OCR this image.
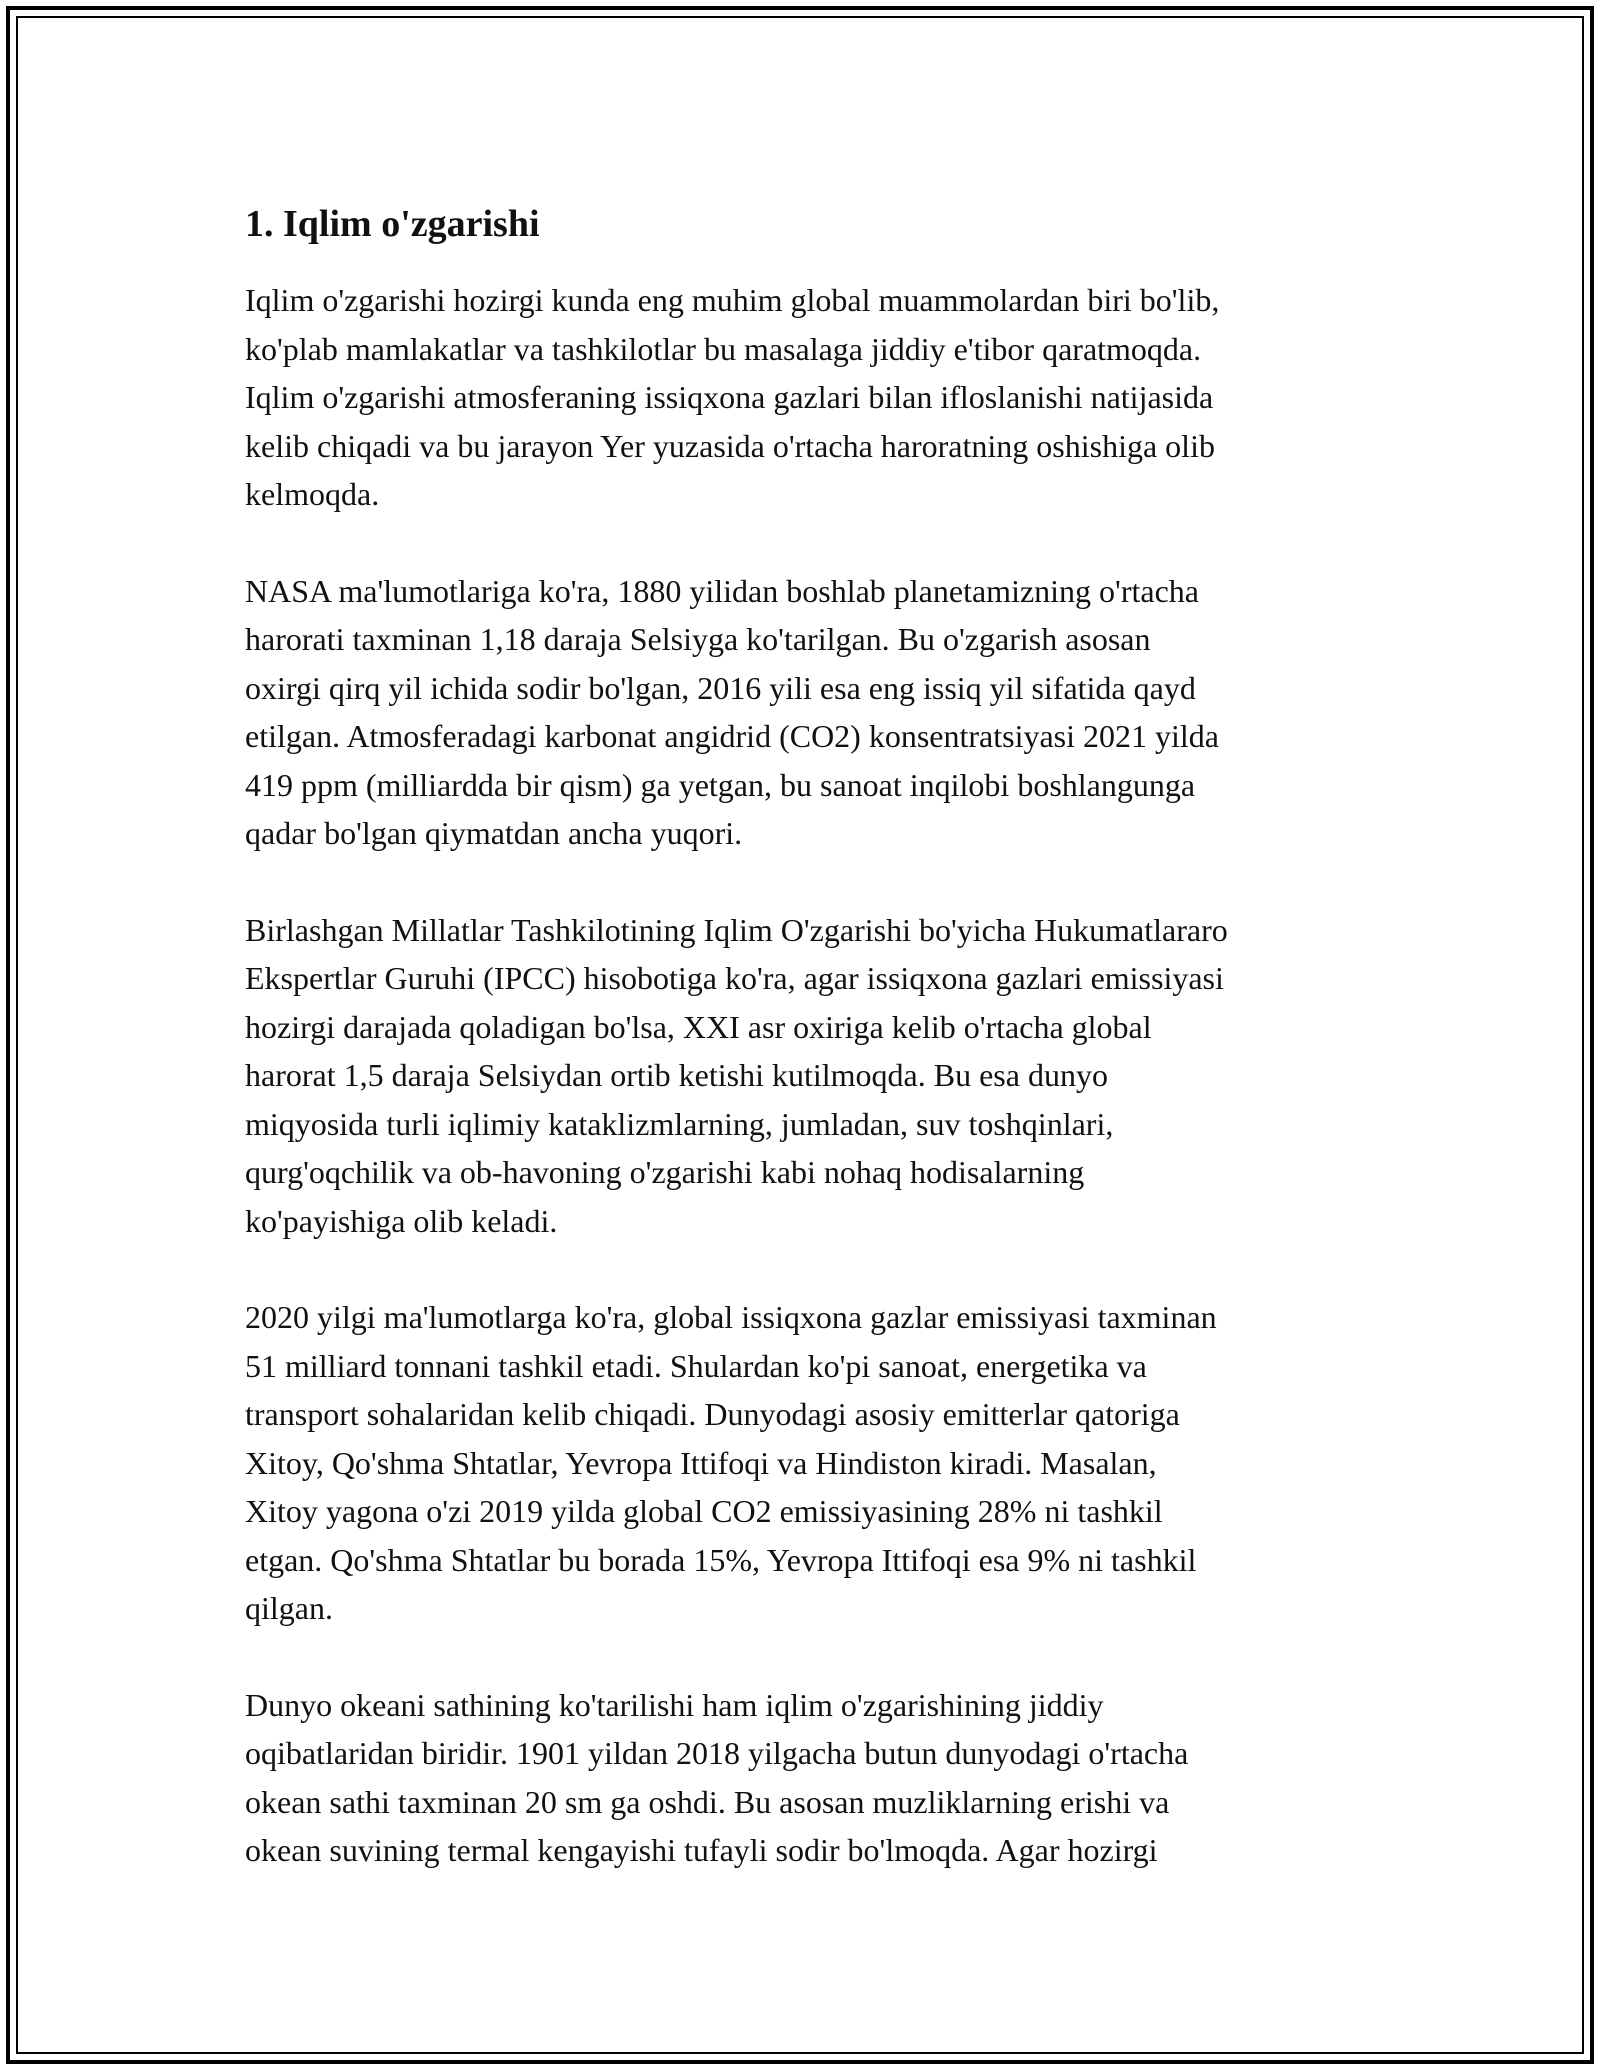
1. Iqlim o'zgarishi

Iqlim o'zgarishi hozirgi kunda eng muhim global muammolardan biri bo'lib,
ko'plab mamlakatlar va tashkilotlar bu masalaga jiddiy e'tibor qaratmoqda.
Iqlim o'zgarishi atmosferaning issiqxona gazlari bilan ifloslanishi natijasida
kelib chiqadi va bu jarayon Yer yuzasida o'rtacha haroratning oshishiga olib
kelmoqda.

NASA ma'lumotlariga ko'ra, 1880 yilidan boshlab planetamizning o'rtacha
harorati taxminan 1,18 daraja Selsiyga ko'tarilgan. Bu o'zgarish asosan
oxirgi qirq yil ichida sodir bo'lgan, 2016 yili esa eng issiq yil sifatida qayd
etilgan. Atmosferadagi karbonat angidrid (CO2) konsentratsiyasi 2021 yilda
419 ppm (milliardda bir qism) ga yetgan, bu sanoat inqilobi boshlangunga
qadar bo'lgan qiymatdan ancha yuqori.

Birlashgan Millatlar Tashkilotining Iqlim O'zgarishi bo'yicha Hukumatlararo
Ekspertlar Guruhi (IPCC) hisobotiga ko'ra, agar issiqxona gazlari emissiyasi
hozirgi darajada qoladigan bo'lsa, XXI asr oxiriga kelib o'rtacha global
harorat 1,5 daraja Selsiydan ortib ketishi kutilmoqda. Bu esa dunyo
miqyosida turli iqlimiy kataklizmlarning, jumladan, suv toshqinlari,
qurg'oqchilik va ob-havoning o'zgarishi kabi nohaq hodisalarning
ko'payishiga olib keladi.

2020 yilgi ma'lumotlarga ko'ra, global issiqxona gazlar emissiyasi taxminan
51 milliard tonnani tashkil etadi. Shulardan ko'pi sanoat, energetika va
transport sohalaridan kelib chiqadi. Dunyodagi asosiy emitterlar qatoriga
Xitoy, Qo'shma Shtatlar, Yevropa Ittifoqi va Hindiston kiradi. Masalan,
Xitoy yagona o'zi 2019 yilda global CO2 emissiyasining 28% ni tashkil
etgan. Qo'shma Shtatlar bu borada 15%, Yevropa Ittifoqi esa 9% ni tashkil
qilgan.

Dunyo okeani sathining ko'tarilishi ham iqlim o'zgarishining jiddiy
oqibatlaridan biridir. 1901 yildan 2018 yilgacha butun dunyodagi o'rtacha
okean sathi taxminan 20 sm ga oshdi. Bu asosan muzliklarning erishi va
okean suvining termal kengayishi tufayli sodir bo'lmoqda. Agar hozirgi
